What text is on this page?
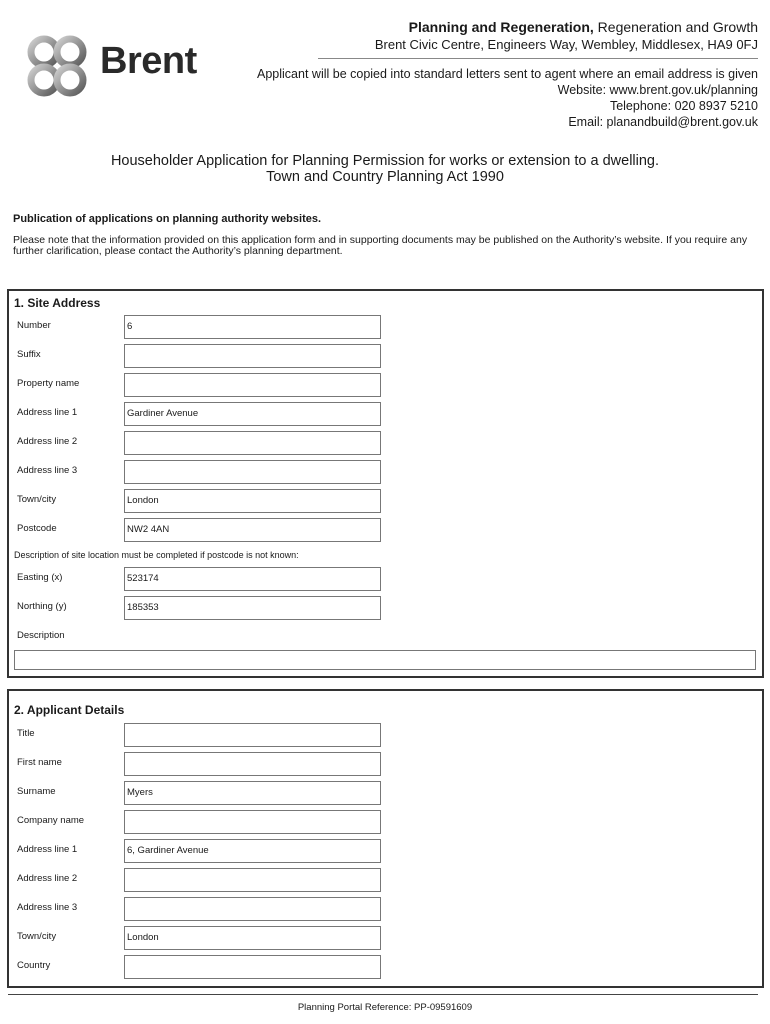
Brent
Planning and Regeneration, Regeneration and Growth
Brent Civic Centre, Engineers Way, Wembley, Middlesex, HA9 0FJ
Applicant will be copied into standard letters sent to agent where an email address is given
Website: www.brent.gov.uk/planning
Telephone: 020 8937 5210
Email: planandbuild@brent.gov.uk
Householder Application for Planning Permission for works or extension to a dwelling.
Town and Country Planning Act 1990
Publication of applications on planning authority websites.
Please note that the information provided on this application form and in supporting documents may be published on the Authority’s website. If you require any further clarification, please contact the Authority’s planning department.
1. Site Address
Number	6
Suffix
Property name
Address line 1	Gardiner Avenue
Address line 2
Address line 3
Town/city	London
Postcode	NW2 4AN
Description of site location must be completed if postcode is not known:
Easting (x)	523174
Northing (y)	185353
Description
2. Applicant Details
Title
First name
Surname	Myers
Company name
Address line 1	6, Gardiner Avenue
Address line 2
Address line 3
Town/city	London
Country
Planning Portal Reference: PP-09591609
